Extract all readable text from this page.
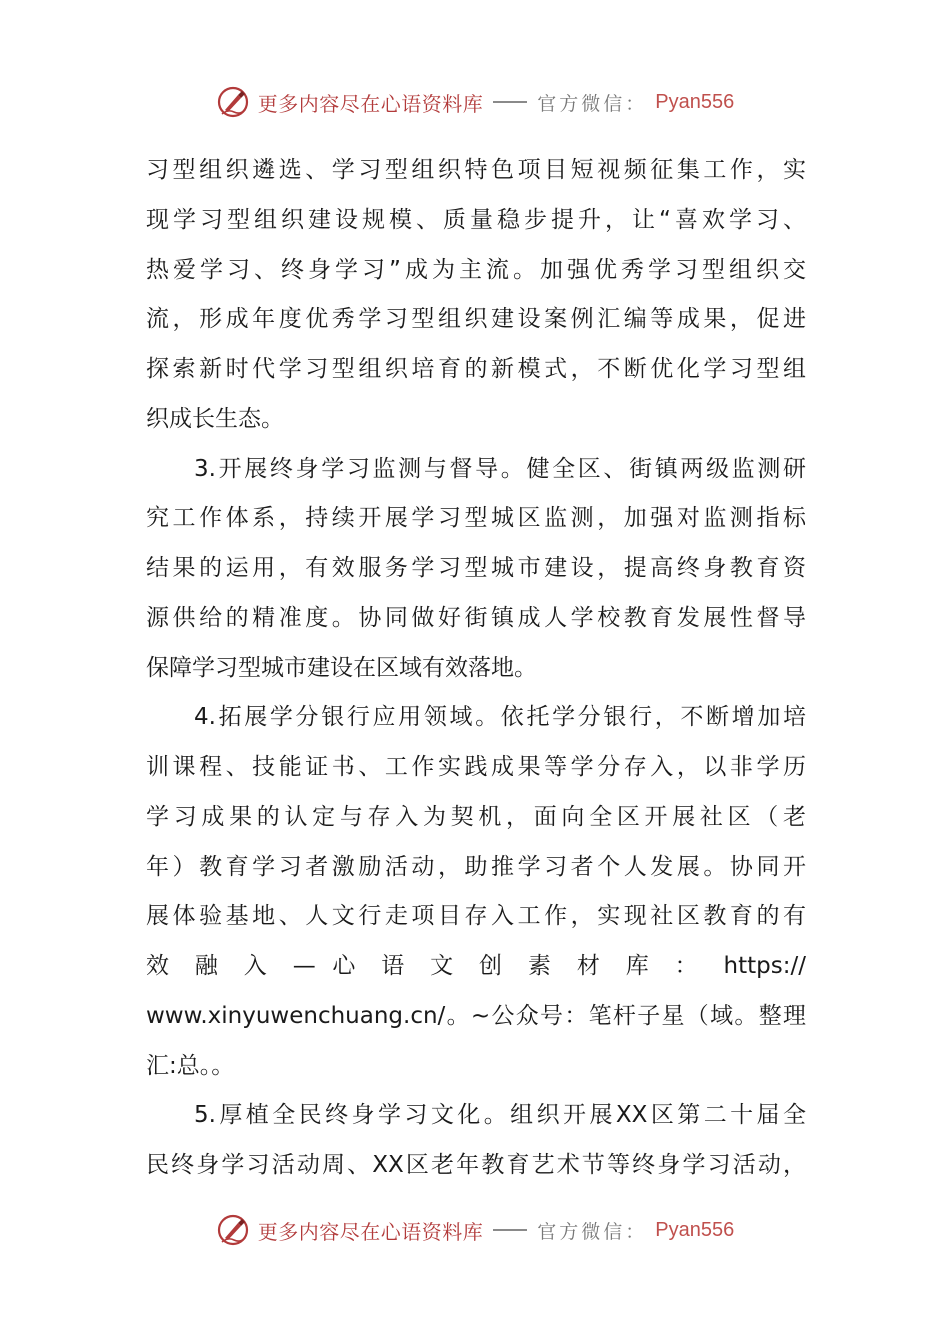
更多内容尽在心语资料库	官方微信： Pyan556
习型组织遴选、学习型组织特色项目短视频征集工作，实
现学习型组织建设规模、质量稳步提升，让“喜欢学习、
热爱学习、终身学习”成为主流。加强优秀学习型组织交
流，形成年度优秀学习型组织建设案例汇编等成果，促进
探索新时代学习型组织培育的新模式，不断优化学习型组
织成长生态。
3.开展终身学习监测与督导。健全区、街镇两级监测研
究工作体系，持续开展学习型城区监测，加强对监测指标
结果的运用，有效服务学习型城市建设，提高终身教育资
源供给的精准度。协同做好街镇成人学校教育发展性督导
保障学习型城市建设在区域有效落地。
4.拓展学分银行应用领域。依托学分银行，不断增加培
训课程、技能证书、工作实践成果等学分存入，以非学历
学习成果的认定与存入为契机，面向全区开展社区（老
年）教育学习者激励活动，助推学习者个人发展。协同开
展体验基地、人文行走项目存入工作，实现社区教育的有
效 融 入 — 心 语 文 创 素 材 库 ： https://
www.xinyuwenchuang.cn/。~公众号：笔杆子星（域。整理
汇:总。。
5.厚植全民终身学习文化。组织开展XX区第二十届全
民终身学习活动周、XX区老年教育艺术节等终身学习活动，
更多内容尽在心语资料库	官方微信： Pyan556
